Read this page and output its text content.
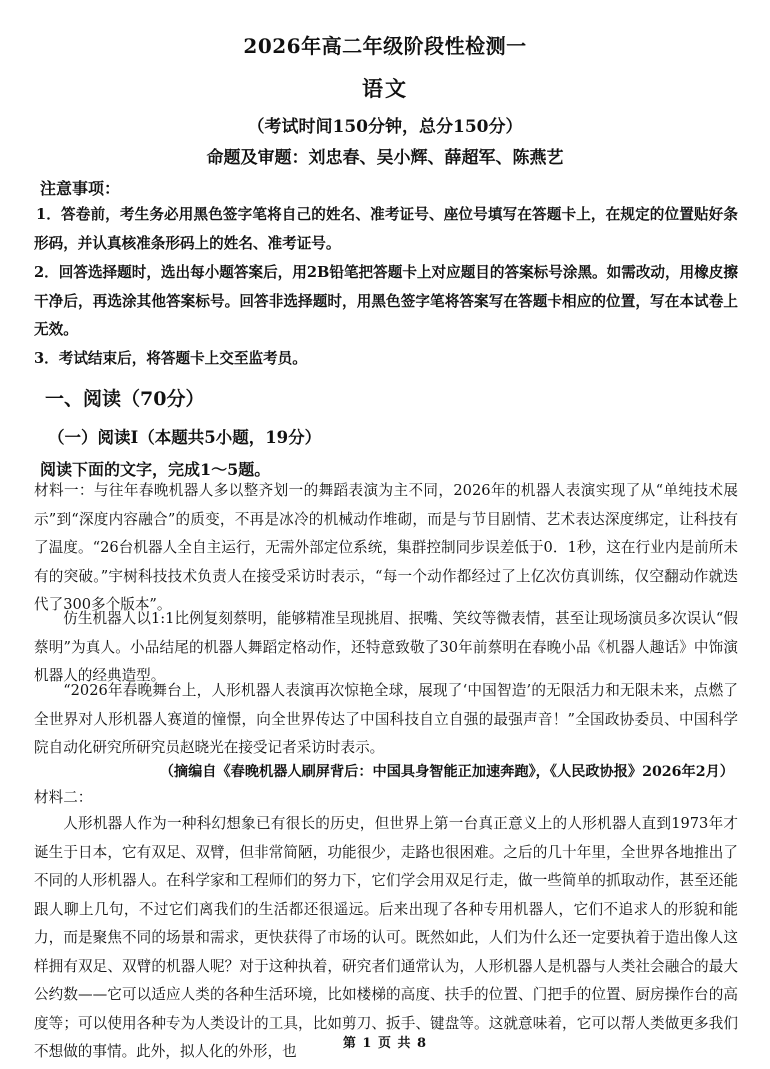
2026年高二年级阶段性检测一
语文
（考试时间150分钟，总分150分）
命题及审题：刘忠春、吴小辉、薛超军、陈燕艺
注意事项：
1．答卷前，考生务必用黑色签字笔将自己的姓名、准考证号、座位号填写在答题卡上，在规定的位置贴好条形码，并认真核准条形码上的姓名、准考证号。
2．回答选择题时，选出每小题答案后，用2B铅笔把答题卡上对应题目的答案标号涂黑。如需改动，用橡皮擦干净后，再选涂其他答案标号。回答非选择题时，用黑色签字笔将答案写在答题卡相应的位置，写在本试卷上无效。
3．考试结束后，将答题卡上交至监考员。
一、阅读（70分）
（一）阅读Ⅰ（本题共5小题，19分）
阅读下面的文字，完成1～5题。
材料一：与往年春晚机器人多以整齐划一的舞蹈表演为主不同，2026年的机器人表演实现了从“单纯技术展示”到“深度内容融合”的质变，不再是冰冷的机械动作堆砌，而是与节目剧情、艺术表达深度绑定，让科技有了温度。“26台机器人全自主运行，无需外部定位系统，集群控制同步误差低于0．1秒，这在行业内是前所未有的突破。”宇树科技技术负责人在接受采访时表示，“每一个动作都经过了上亿次仿真训练，仅空翻动作就迭代了300多个版本”。
仿生机器人以1:1比例复刻蔡明，能够精准呈现挑眉、抿嘴、笑纹等微表情，甚至让现场演员多次误认“假蔡明”为真人。小品结尾的机器人舞蹈定格动作，还特意致敬了30年前蔡明在春晚小品《机器人趣话》中饰演机器人的经典造型。
“2026年春晚舞台上，人形机器人表演再次惊艳全球，展现了‘中国智造’的无限活力和无限未来，点燃了全世界对人形机器人赛道的憧憬，向全世界传达了中国科技自立自强的最强声音！”全国政协委员、中国科学院自动化研究所研究员赵晓光在接受记者采访时表示。
（摘编自《春晚机器人刷屏背后：中国具身智能正加速奔跑》，《人民政协报》2026年2月）
材料二：
人形机器人作为一种科幻想象已有很长的历史，但世界上第一台真正意义上的人形机器人直到1973年才诞生于日本，它有双足、双臂，但非常简陋，功能很少，走路也很困难。之后的几十年里，全世界各地推出了不同的人形机器人。在科学家和工程师们的努力下，它们学会用双足行走，做一些简单的抓取动作，甚至还能跟人聊上几句，不过它们离我们的生活都还很遥远。后来出现了各种专用机器人，它们不追求人的形貌和能力，而是聚焦不同的场景和需求，更快获得了市场的认可。既然如此，人们为什么还一定要执着于造出像人这样拥有双足、双臂的机器人呢？对于这种执着，研究者们通常认为，人形机器人是机器与人类社会融合的最大公约数——它可以适应人类的各种生活环境，比如楼梯的高度、扶手的位置、门把手的位置、厨房操作台的高度等；可以使用各种专为人类设计的工具，比如剪刀、扳手、键盘等。这就意味着，它可以帮人类做更多我们不想做的事情。此外，拟人化的外形，也	第 1 页 共 8
